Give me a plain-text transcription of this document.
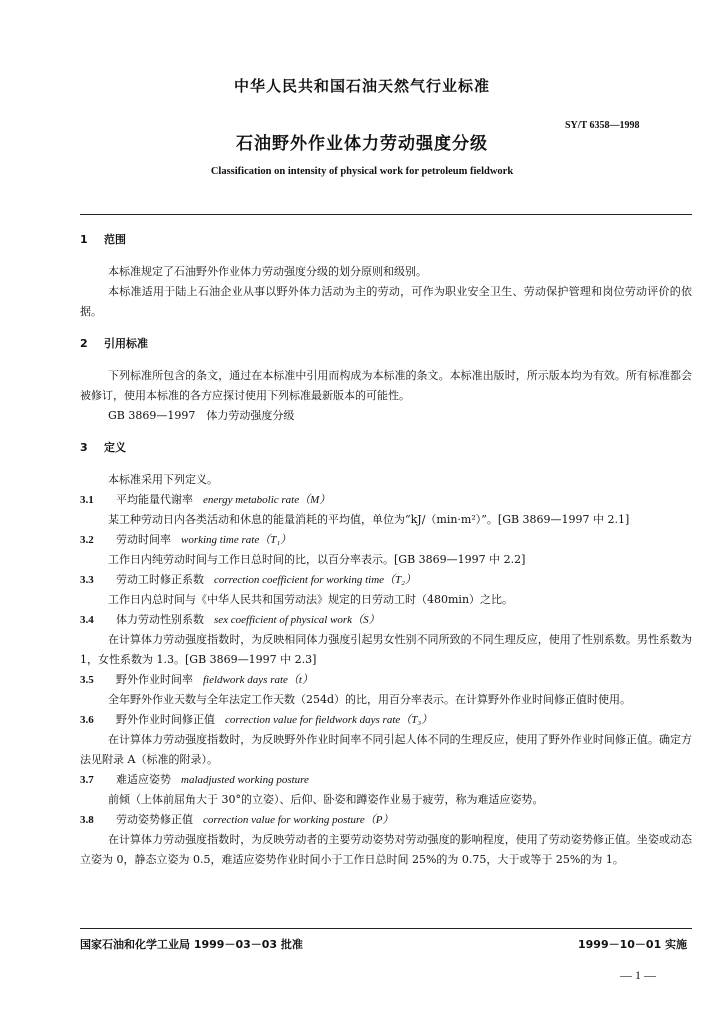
中华人民共和国石油天然气行业标准
SY/T 6358—1998
石油野外作业体力劳动强度分级
Classification on intensity of physical work for petroleum fieldwork
1 范围
本标准规定了石油野外作业体力劳动强度分级的划分原则和级别。
本标准适用于陆上石油企业从事以野外体力活动为主的劳动，可作为职业安全卫生、劳动保护管理和岗位劳动评价的依据。
2 引用标准
下列标准所包含的条文，通过在本标准中引用而构成为本标准的条文。本标准出版时，所示版本均为有效。所有标准都会被修订，使用本标准的各方应探讨使用下列标准最新版本的可能性。
GB 3869—1997　体力劳动强度分级
3 定义
本标准采用下列定义。
3.1 平均能量代谢率 energy metabolic rate（M）
某工种劳动日内各类活动和休息的能量消耗的平均值，单位为“kJ/（min·m²）”。[GB 3869—1997 中 2.1]
3.2 劳动时间率 working time rate（T₁）
工作日内纯劳动时间与工作日总时间的比，以百分率表示。[GB 3869—1997 中 2.2]
3.3 劳动工时修正系数 correction coefficient for working time（T₂）
工作日内总时间与《中华人民共和国劳动法》规定的日劳动工时（480min）之比。
3.4 体力劳动性别系数 sex coefficient of physical work（S）
在计算体力劳动强度指数时，为反映相同体力强度引起男女性别不同所致的不同生理反应，使用了性别系数。男性系数为 1，女性系数为 1.3。[GB 3869—1997 中 2.3]
3.5 野外作业时间率 fieldwork days rate（t）
全年野外作业天数与全年法定工作天数（254d）的比，用百分率表示。在计算野外作业时间修正值时使用。
3.6 野外作业时间修正值 correction value for fieldwork days rate（T₃）
在计算体力劳动强度指数时，为反映野外作业时间率不同引起人体不同的生理反应，使用了野外作业时间修正值。确定方法见附录 A（标准的附录）。
3.7 难适应姿势 maladjusted working posture
前倾（上体前屈角大于 30°的立姿）、后仰、卧姿和蹲姿作业易于疲劳，称为难适应姿势。
3.8 劳动姿势修正值 correction value for working posture（P）
在计算体力劳动强度指数时，为反映劳动者的主要劳动姿势对劳动强度的影响程度，使用了劳动姿势修正值。坐姿或动态立姿为 0，静态立姿为 0.5，难适应姿势作业时间小于工作日总时间 25%的为 0.75，大于或等于 25%的为 1。
国家石油和化学工业局 1999－03－03 批准	1999－10－01 实施
— 1 —
